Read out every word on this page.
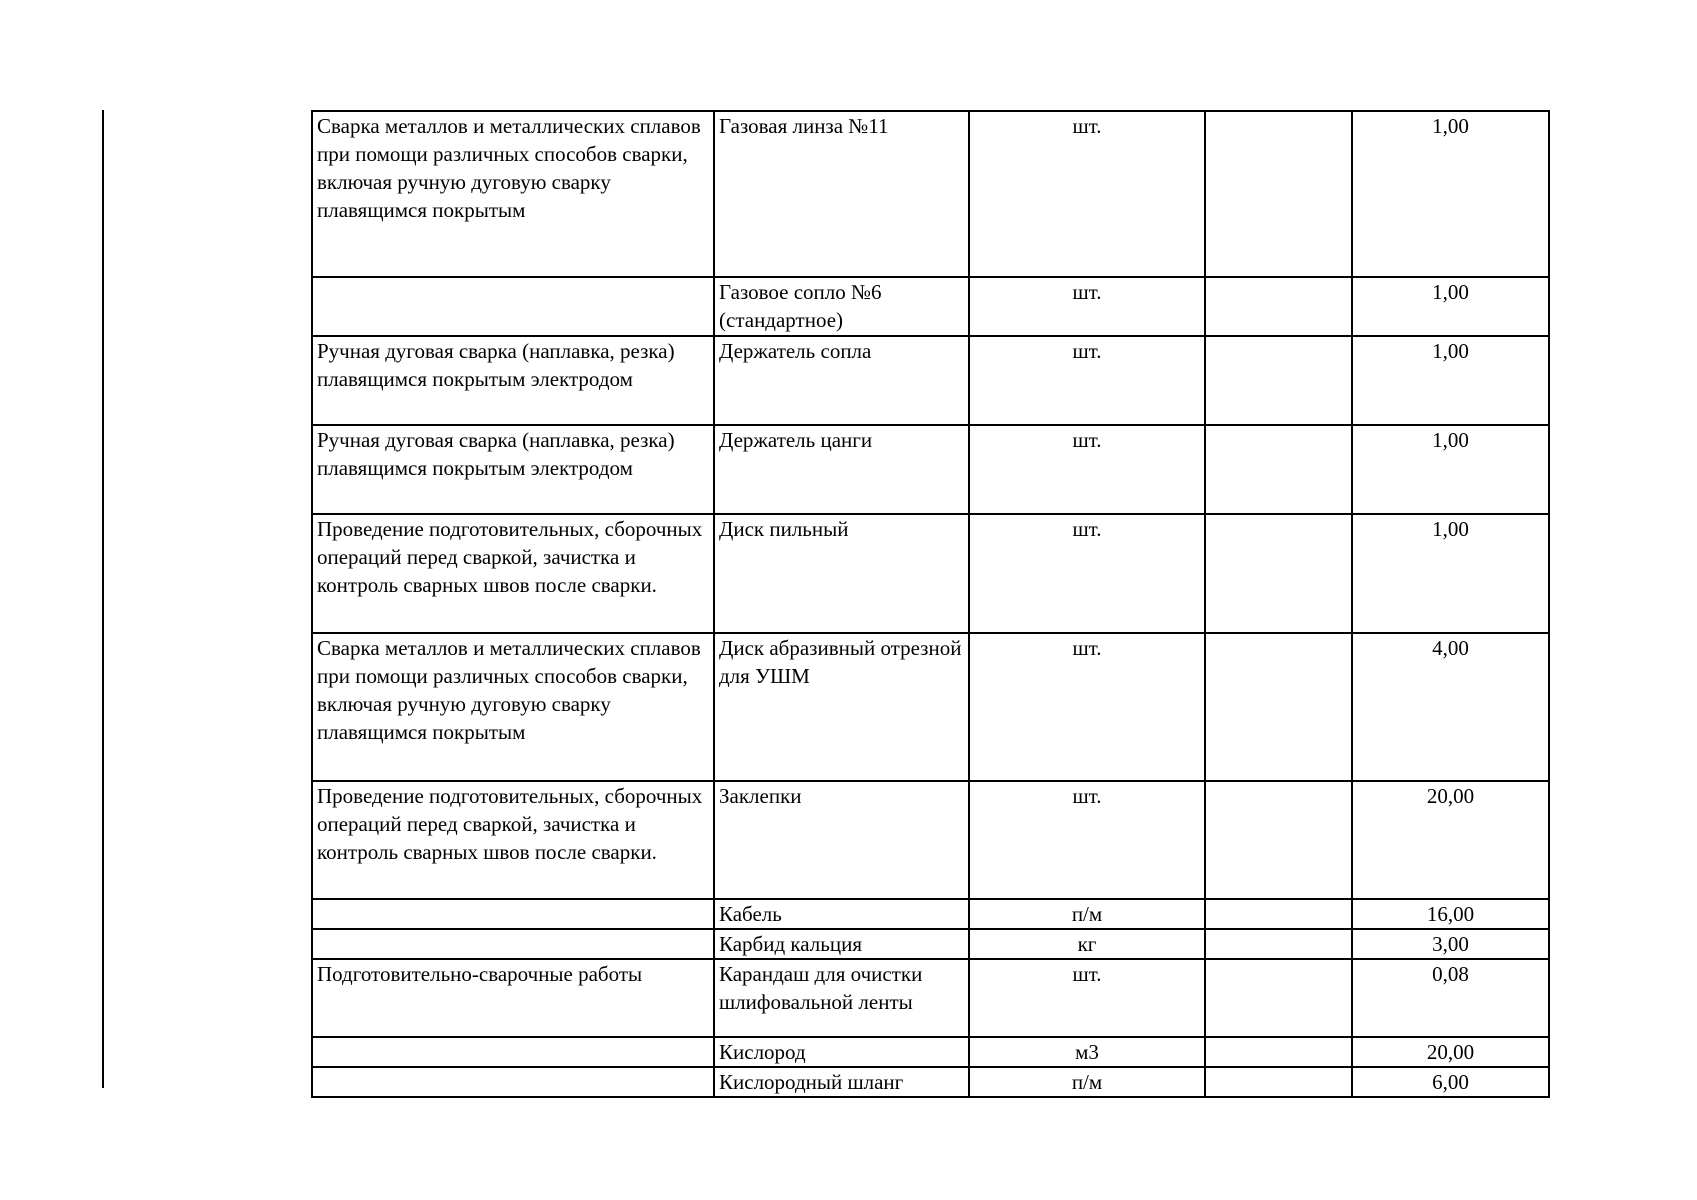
Сварка металлов и металлических сплавов при помощи различных способов сварки, включая ручную дуговую сварку плавящимся покрытым	Газовая линза №11	шт.		1,00
	Газовое сопло №6 (стандартное)	шт.		1,00
Ручная дуговая сварка (наплавка, резка) плавящимся покрытым электродом	Держатель сопла	шт.		1,00
Ручная дуговая сварка (наплавка, резка) плавящимся покрытым электродом	Держатель цанги	шт.		1,00
Проведение подготовительных, сборочных операций перед сваркой, зачистка и контроль сварных швов после сварки.	Диск пильный	шт.		1,00
Сварка металлов и металлических сплавов при помощи различных способов сварки, включая ручную дуговую сварку плавящимся покрытым	Диск абразивный отрезной для УШМ	шт.		4,00
Проведение подготовительных, сборочных операций перед сваркой, зачистка и контроль сварных швов после сварки.	Заклепки	шт.		20,00
	Кабель	п/м		16,00
	Карбид кальция	кг		3,00
Подготовительно-сварочные работы	Карандаш для очистки шлифовальной ленты	шт.		0,08
	Кислород	м3		20,00
	Кислородный шланг	п/м		6,00
